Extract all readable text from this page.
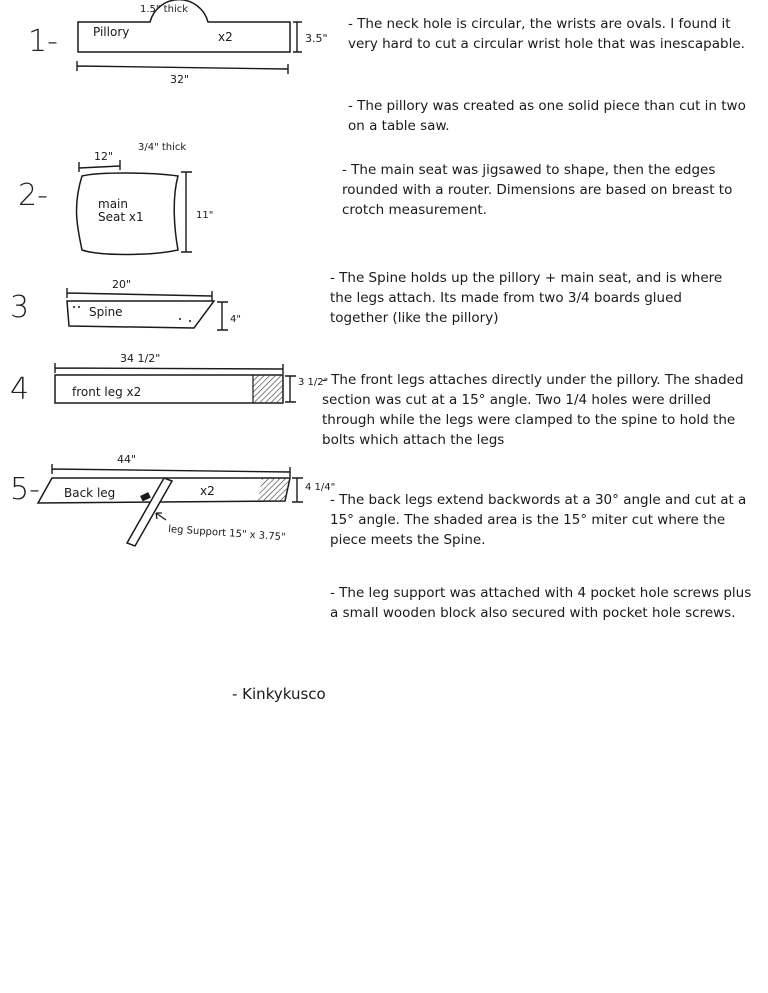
1.5" thick
Pillory	x2	3.5"
32"
12"
3/4" thick
main
Seat x1	11"
20"
Spine
4"
34 1/2"
front leg x2
3 1/2"
44"
Back leg	x2	4 1/4"
leg Support 15" x 3.75"
1-
2-
3
4
5-
- The neck hole is circular, the wrists are ovals. I found it very hard to cut a circular wrist hole that was inescapable.
- The pillory was created as one solid piece than cut in two on a table saw.
- The main seat was jigsawed to shape, then the edges rounded with a router. Dimensions are based on breast to crotch measurement.
- The Spine holds up the pillory + main seat, and is where the legs attach. Its made from two 3/4 boards glued together (like the pillory)
- The front legs attaches directly under the pillory. The shaded section was cut at a 15° angle. Two 1/4 holes were drilled through while the legs were clamped to the spine to hold the bolts which attach the legs
- The back legs extend backwords at a 30° angle and cut at a 15° angle. The shaded area is the 15° miter cut where the piece meets the Spine.
- The leg support was attached with 4 pocket hole screws plus a small wooden block also secured with pocket hole screws.
- Kinkykusco
